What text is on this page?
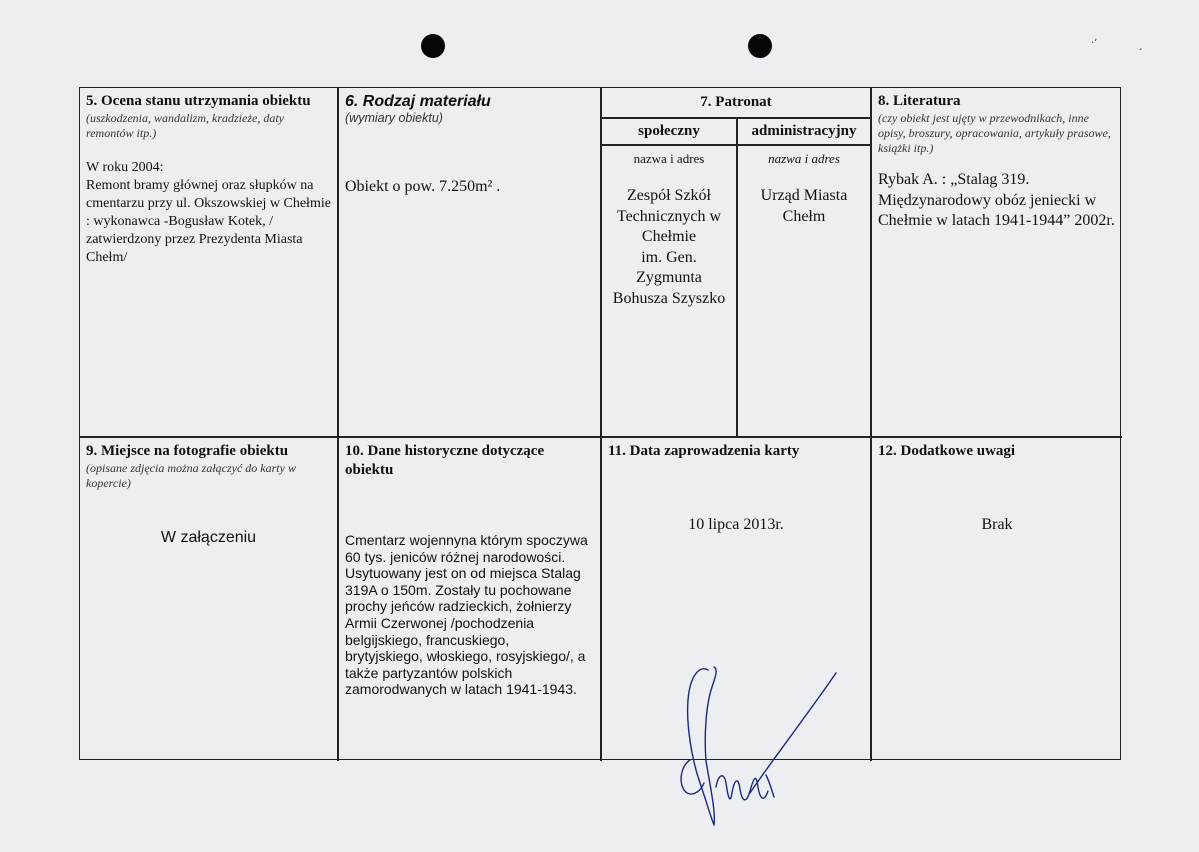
·ʼ	¸
5. Ocena stanu utrzymania obiektu
(uszkodzenia, wandalizm, kradzieże, daty remontów itp.)
W roku 2004:
Remont bramy głównej oraz słupków na cmentarzu przy ul. Okszowskiej w Chełmie : wykonawca -Bogusław Kotek, / zatwierdzony przez Prezydenta Miasta Chełm/
6. Rodzaj materiału
(wymiary obiektu)
Obiekt o pow. 7.250m² .
7. Patronat
społeczny	administracyjny
nazwa i adres
Zespół Szkół
Technicznych w
Chełmie
im. Gen.
Zygmunta
Bohusza Szyszko
nazwa i adres
Urząd Miasta
Chełm
8. Literatura
(czy obiekt jest ujęty w przewodnikach, inne opisy, broszury, opracowania, artykuły prasowe, książki itp.)
Rybak A. : „Stalag 319. Międzynarodowy obóz jeniecki w Chełmie w latach 1941-1944” 2002r.
9. Miejsce na fotografie obiektu
(opisane zdjęcia można załączyć do karty w kopercie)
W załączeniu
10. Dane historyczne dotyczące obiektu
Cmentarz wojennyna którym spoczywa 60 tys. jeniców różnej narodowości. Usytuowany jest on od miejsca Stalag 319A o 150m. Zostały tu pochowane prochy jeńców radzieckich, żołnierzy Armii Czerwonej /pochodzenia belgijskiego, francuskiego, brytyjskiego, włoskiego, rosyjskiego/, a także partyzantów polskich zamorodwanych w latach 1941-1943.
11. Data zaprowadzenia karty
10 lipca 2013r.
12. Dodatkowe uwagi
Brak
